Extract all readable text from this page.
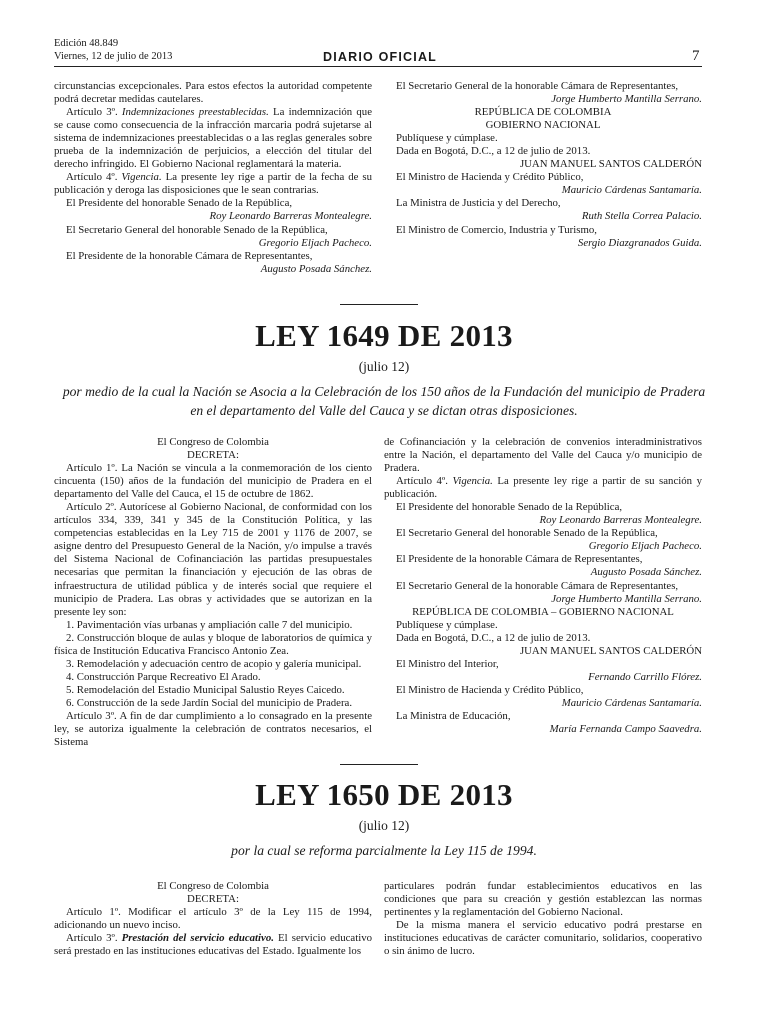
Edición 48.849
Viernes, 12 de julio de 2013	DIARIO OFICIAL	7

circunstancias excepcionales. Para estos efectos la autoridad competente podrá decretar medidas cautelares.

Artículo 3º. Indemnizaciones preestablecidas. La indemnización que se cause como consecuencia de la infracción marcaria podrá sujetarse al sistema de indemnizaciones preestablecidas o a las reglas generales sobre prueba de la indemnización de perjuicios, a elección del titular del derecho infringido. El Gobierno Nacional reglamentará la materia.

Artículo 4º. Vigencia. La presente ley rige a partir de la fecha de su publicación y deroga las disposiciones que le sean contrarias.

El Presidente del honorable Senado de la República,

Roy Leonardo Barreras Montealegre.

El Secretario General del honorable Senado de la República,

Gregorio Eljach Pacheco.

El Presidente de la honorable Cámara de Representantes,

Augusto Posada Sánchez.

El Secretario General de la honorable Cámara de Representantes,

Jorge Humberto Mantilla Serrano.

REPÚBLICA DE COLOMBIA

GOBIERNO NACIONAL

Publíquese y cúmplase.

Dada en Bogotá, D.C., a 12 de julio de 2013.

JUAN MANUEL SANTOS CALDERÓN

El Ministro de Hacienda y Crédito Público,

Mauricio Cárdenas Santamaría.

La Ministra de Justicia y del Derecho,

Ruth Stella Correa Palacio.

El Ministro de Comercio, Industria y Turismo,

Sergio Diazgranados Guida.

LEY 1649 DE 2013
(julio 12)
por medio de la cual la Nación se Asocia a la Celebración de los 150 años de la Fundación del municipio de Pradera en el departamento del Valle del Cauca y se dictan otras disposiciones.

El Congreso de Colombia

DECRETA:

Artículo 1º. La Nación se vincula a la conmemoración de los ciento cincuenta (150) años de la fundación del municipio de Pradera en el departamento del Valle del Cauca, el 15 de octubre de 1862.

Artículo 2º. Autorícese al Gobierno Nacional, de conformidad con los artículos 334, 339, 341 y 345 de la Constitución Política, y las competencias establecidas en la Ley 715 de 2001 y 1176 de 2007, se asigne dentro del Presupuesto General de la Nación, y/o impulse a través del Sistema Nacional de Cofinanciación las partidas presupuestales necesarias que permitan la financiación y ejecución de las obras de infraestructura de utilidad pública y de interés social que requiere el municipio de Pradera. Las obras y actividades que se autorizan en la presente ley son:

1. Pavimentación vías urbanas y ampliación calle 7 del municipio.

2. Construcción bloque de aulas y bloque de laboratorios de química y física de Institución Educativa Francisco Antonio Zea.

3. Remodelación y adecuación centro de acopio y galería municipal.

4. Construcción Parque Recreativo El Arado.

5. Remodelación del Estadio Municipal Salustio Reyes Caicedo.

6. Construcción de la sede Jardín Social del municipio de Pradera.

Artículo 3º. A fin de dar cumplimiento a lo consagrado en la presente ley, se autoriza igualmente la celebración de contratos necesarios, el Sistema

de Cofinanciación y la celebración de convenios interadministrativos entre la Nación, el departamento del Valle del Cauca y/o municipio de Pradera.

Artículo 4º. Vigencia. La presente ley rige a partir de su sanción y publicación.

El Presidente del honorable Senado de la República,

Roy Leonardo Barreras Montealegre.

El Secretario General del honorable Senado de la República,

Gregorio Eljach Pacheco.

El Presidente de la honorable Cámara de Representantes,

Augusto Posada Sánchez.

El Secretario General de la honorable Cámara de Representantes,

Jorge Humberto Mantilla Serrano.

REPÚBLICA DE COLOMBIA – GOBIERNO NACIONAL

Publíquese y cúmplase.

Dada en Bogotá, D.C., a 12 de julio de 2013.

JUAN MANUEL SANTOS CALDERÓN

El Ministro del Interior,

Fernando Carrillo Flórez.

El Ministro de Hacienda y Crédito Público,

Mauricio Cárdenas Santamaría.

La Ministra de Educación,

María Fernanda Campo Saavedra.

LEY 1650 DE 2013
(julio 12)
por la cual se reforma parcialmente la Ley 115 de 1994.

El Congreso de Colombia

DECRETA:

Artículo 1º. Modificar el artículo 3º de la Ley 115 de 1994, adicionando un nuevo inciso.

Artículo 3º. Prestación del servicio educativo. El servicio educativo será prestado en las instituciones educativas del Estado. Igualmente los

particulares podrán fundar establecimientos educativos en las condiciones que para su creación y gestión establezcan las normas pertinentes y la reglamentación del Gobierno Nacional.

De la misma manera el servicio educativo podrá prestarse en instituciones educativas de carácter comunitario, solidarios, cooperativo o sin ánimo de lucro.
